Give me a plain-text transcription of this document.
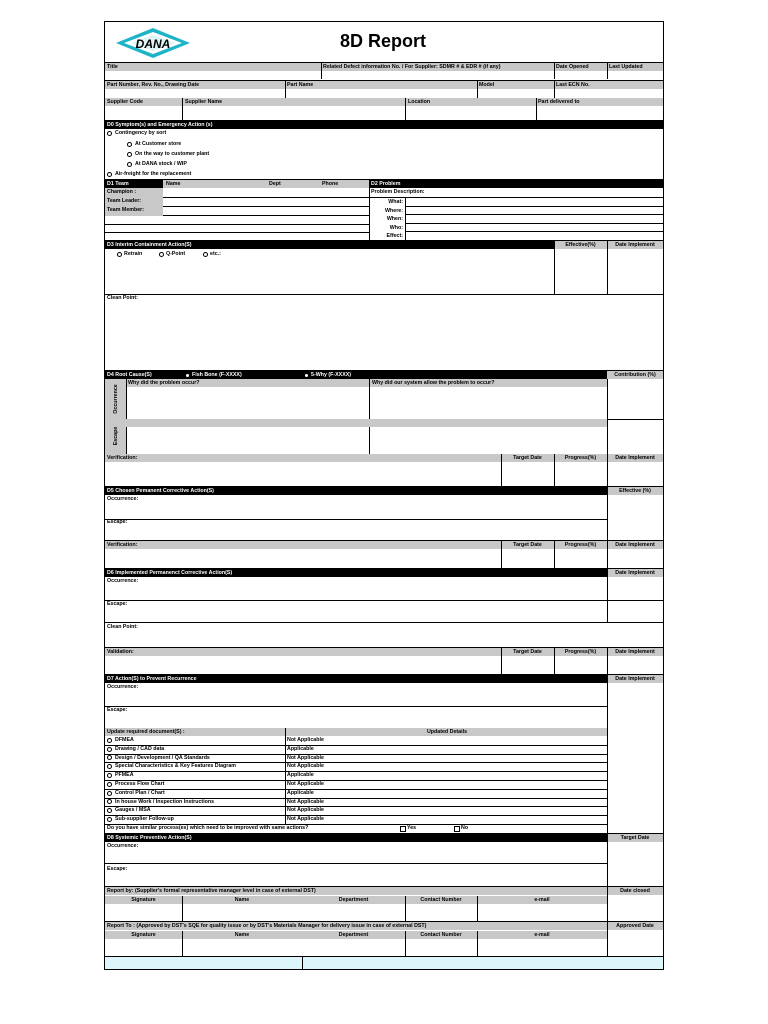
DANA	8D Report
Title	Related Defect information No. / For Supplier: SDMR # & EDR # (if any)	Date Opened	Last Updated
Part Number, Rev. No., Drawing Date	Part Name	Model	Last ECN No.
Supplier Code	Supplier Name	Location	Part delivered to
D0 Symptom(s) and Emergency Action (s)
Contingency by sort
At Customer store
On the way to customer plant
At DANA stock / WIP
Air-freight for the replacement
D1 Team	Name	Dept	Phone	D2 Problem
Champion :
Team Leader:
Team Member:
Problem Description:
What:
Where:
When:
Who:
Effect:
D3 Interim Containment Action(S)	Effective(%)	Date Implement
Retrain	Q-Point	etc.:
Clean Point:
D4 Root Cause(S)	Fish Bone (F-XXXX)	5-Why (F-XXXX)	Contribution (%)
Why did the problem occur?	Why did our system allow the problem to occur?
Occurrence
Escape
Verification:	Target Date	Progress(%)	Date Implement
D5 Chosen Pemanent Corrective Action(S)	Effective (%)
Occurrence:
Escape:
Verification:	Target Date	Progress(%)	Date Implement
D6 Implemented Permanenct Corrective Action(S)	Date Implement
Occurrence:
Escape:
Clean Point:
Validation:	Target Date	Progress(%)	Date Implement
D7 Action(S) to Prevent Recurrence	Date Implement
Occurrence:
Escape:
Update required document(S) :	Updated Details
DFMEA	Not Applicable
Drawing / CAD data	Applicable
Design / Development / QA Standards	Not Applicable
Special Characteristics & Key Features Diagram	Not Applicable
PFMEA	Applicable
Process Flow Chart	Not Applicable
Control Plan / Chart	Applicable
In house Work / Inspection Instructions	Not Applicable
Gauges / MSA	Not Applicable
Sub-supplier Follow-up	Not Applicable
Do you have similar process(es) which need to be improved with same actions?	Yes	No
D8 Systemic Preventive Action(S)	Target Date
Occurrence:
Escape:
Report by: (Supplier's formal representative manager level in case of external DST)	Date closed
Signature	Name	Department	Contact Number	e-mail
Report To : (Approved by DST's SQE for quality issue or by DST's Materials Manager for delivery issue in case of external DST)	Approved Date
Signature	Name	Department	Contact Number	e-mail
